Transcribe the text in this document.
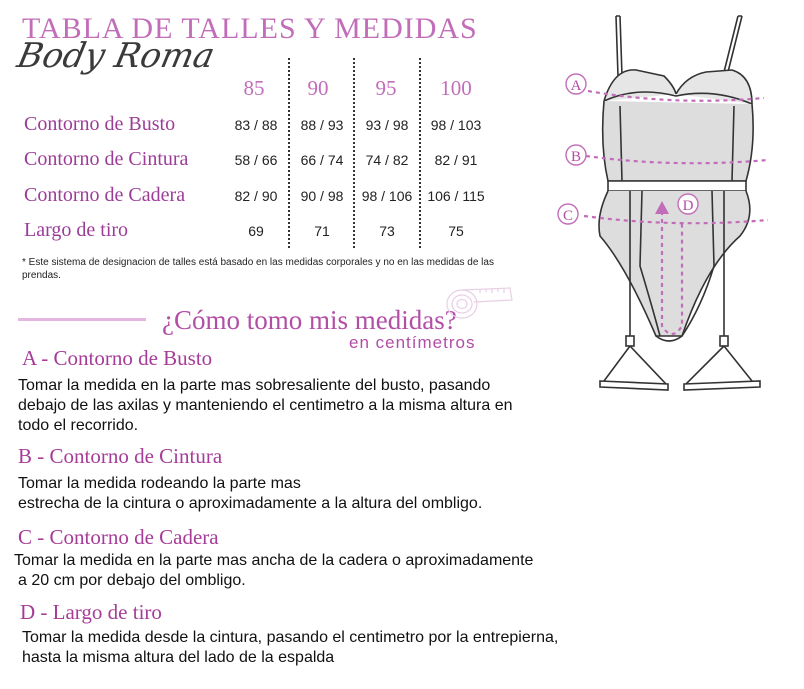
TABLA DE TALLES Y MEDIDAS
Body Roma
85	90	95	100
Contorno de Busto	83 / 88	88 / 93	93 / 98	98 / 103
Contorno de Cintura	58 / 66	66 / 74	74 / 82	82 / 91
Contorno de Cadera	82 / 90	90 / 98	98 / 106	106 / 115
Largo de tiro	69	71	73	75
* Este sistema de designacion de talles está basado en las medidas corporales y no en las medidas de las prendas.
¿Cómo tomo mis medidas?
en centímetros
A - Contorno de Busto
Tomar la medida en la parte mas sobresaliente del busto, pasando
debajo de las axilas y manteniendo el centimetro a la misma altura en
todo el recorrido.
B - Contorno de Cintura
Tomar la medida rodeando la parte mas
estrecha de la cintura o aproximadamente a la altura del ombligo.
C - Contorno de Cadera
Tomar la medida en la parte mas ancha de la cadera o aproximadamente
a 20 cm por debajo del ombligo.
D - Largo de tiro
Tomar la medida desde la cintura, pasando el centimetro por la entrepierna,
hasta la misma altura del lado de la espalda
A
B
C
D
